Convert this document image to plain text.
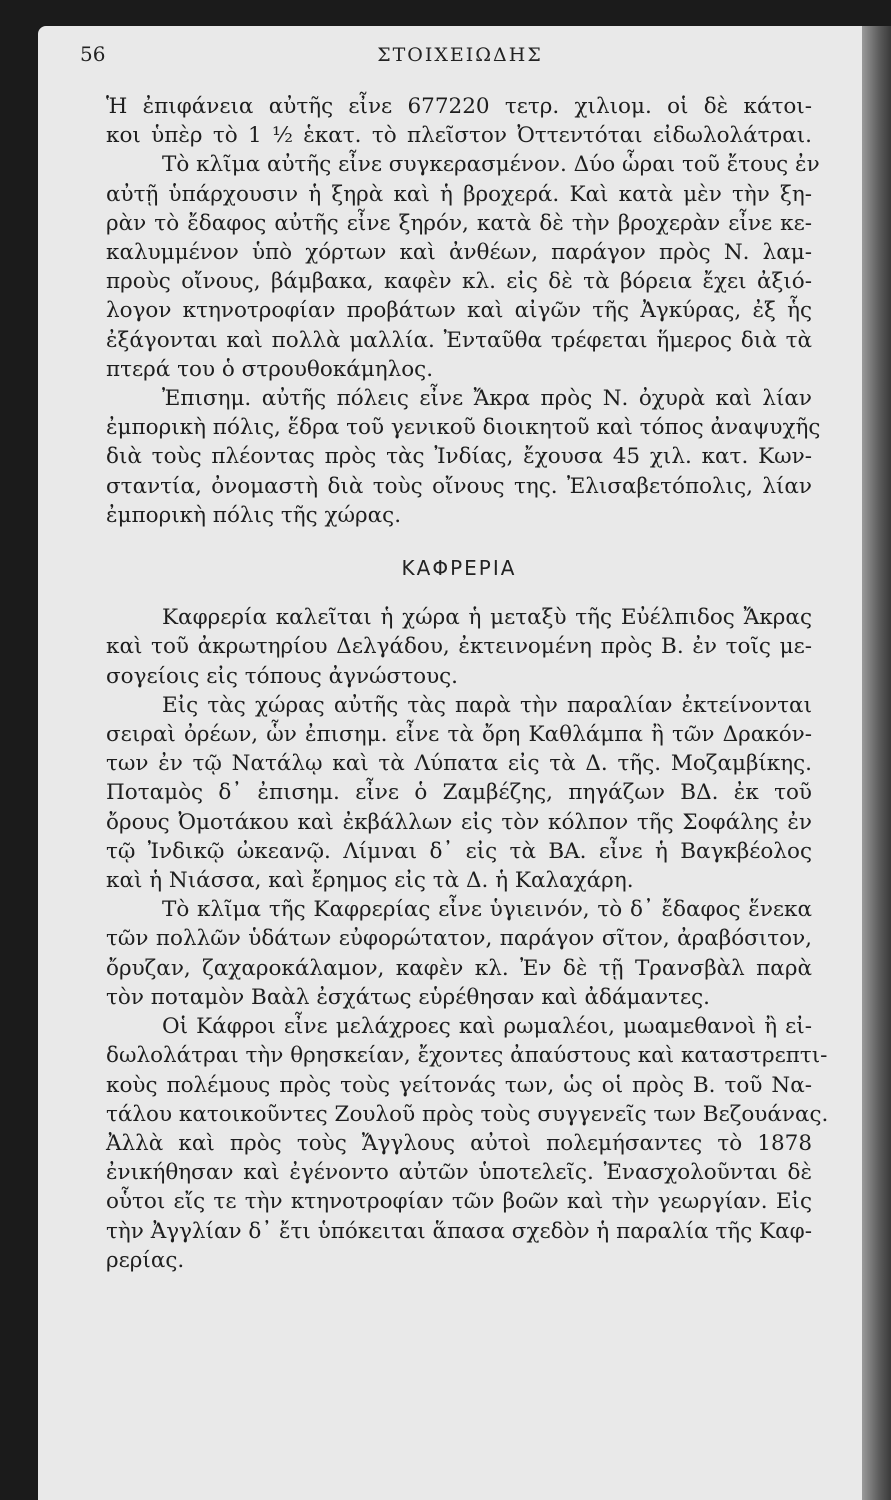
56	ΣΤΟΙΧΕΙΩΔΗΣ
Ἡ ἐπιφάνεια αὐτῆς εἶνε 677220 τετρ. χιλιομ. οἱ δὲ κάτοι-
κοι ὑπὲρ τὸ 1 ½ ἑκατ. τὸ πλεῖστον Ὀττεντόται εἰδωλολάτραι.
Τὸ κλῖμα αὐτῆς εἶνε συγκερασμένον. Δύο ὧραι τοῦ ἔτους ἐν
αὐτῇ ὑπάρχουσιν ἡ ξηρὰ καὶ ἡ βροχερά. Καὶ κατὰ μὲν τὴν ξη-
ρὰν τὸ ἔδαφος αὐτῆς εἶνε ξηρόν, κατὰ δὲ τὴν βροχερὰν εἶνε κε-
καλυμμένον ὑπὸ χόρτων καὶ ἀνθέων, παράγον πρὸς Ν. λαμ-
προὺς οἴνους, βάμβακα, καφὲν κλ. εἰς δὲ τὰ βόρεια ἔχει ἀξιό-
λογον κτηνοτροφίαν προβάτων καὶ αἰγῶν τῆς Ἀγκύρας, ἐξ ἧς
ἐξάγονται καὶ πολλὰ μαλλία. Ἐνταῦθα τρέφεται ἥμερος διὰ τὰ
πτερά του ὁ στρουθοκάμηλος.
Ἐπισημ. αὐτῆς πόλεις εἶνε Ἄκρα πρὸς Ν. ὀχυρὰ καὶ λίαν
ἐμπορικὴ πόλις, ἕδρα τοῦ γενικοῦ διοικητοῦ καὶ τόπος ἀναψυχῆς
διὰ τοὺς πλέοντας πρὸς τὰς Ἰνδίας, ἔχουσα 45 χιλ. κατ. Κων-
σταντία, ὀνομαστὴ διὰ τοὺς οἴνους της. Ἐλισαβετόπολις, λίαν
ἐμπορικὴ πόλις τῆς χώρας.
ΚΑΦΡΕΡΙΑ
Καφρερία καλεῖται ἡ χώρα ἡ μεταξὺ τῆς Εὐέλπιδος Ἄκρας
καὶ τοῦ ἀκρωτηρίου Δελγάδου, ἐκτεινομένη πρὸς Β. ἐν τοῖς με-
σογείοις εἰς τόπους ἀγνώστους.
Εἰς τὰς χώρας αὐτῆς τὰς παρὰ τὴν παραλίαν ἐκτείνονται
σειραὶ ὀρέων, ὧν ἐπισημ. εἶνε τὰ ὄρη Καθλάμπα ἢ τῶν Δρακόν-
των ἐν τῷ Νατάλῳ καὶ τὰ Λύπατα εἰς τὰ Δ. τῆς. Μοζαμβίκης.
Ποταμὸς δ᾽ ἐπισημ. εἶνε ὁ Ζαμβέζης, πηγάζων ΒΔ. ἐκ τοῦ
ὄρους Ὀμοτάκου καὶ ἐκβάλλων εἰς τὸν κόλπον τῆς Σοφάλης ἐν
τῷ Ἰνδικῷ ὠκεανῷ. Λίμναι δ᾽ εἰς τὰ ΒΑ. εἶνε ἡ Βαγκβέολος
καὶ ἡ Νιάσσα, καὶ ἔρημος εἰς τὰ Δ. ἡ Καλαχάρη.
Τὸ κλῖμα τῆς Καφρερίας εἶνε ὑγιεινόν, τὸ δ᾽ ἔδαφος ἕνεκα
τῶν πολλῶν ὑδάτων εὐφορώτατον, παράγον σῖτον, ἀραβόσιτον,
ὄρυζαν, ζαχαροκάλαμον, καφὲν κλ. Ἐν δὲ τῇ Τρανσβὰλ παρὰ
τὸν ποταμὸν Βαὰλ ἐσχάτως εὑρέθησαν καὶ ἀδάμαντες.
Οἱ Κάφροι εἶνε μελάχροες καὶ ρωμαλέοι, μωαμεθανοὶ ἢ εἰ-
δωλολάτραι τὴν θρησκείαν, ἔχοντες ἀπαύστους καὶ καταστρεπτι-
κοὺς πολέμους πρὸς τοὺς γείτονάς των, ὡς οἱ πρὸς Β. τοῦ Να-
τάλου κατοικοῦντες Ζουλοῦ πρὸς τοὺς συγγενεῖς των Βεζουάνας.
Ἀλλὰ καὶ πρὸς τοὺς Ἄγγλους αὐτοὶ πολεμήσαντες τὸ 1878
ἐνικήθησαν καὶ ἐγένοντο αὐτῶν ὑποτελεῖς. Ἐνασχολοῦνται δὲ
οὗτοι εἴς τε τὴν κτηνοτροφίαν τῶν βοῶν καὶ τὴν γεωργίαν. Εἰς
τὴν Ἀγγλίαν δ᾽ ἔτι ὑπόκειται ἅπασα σχεδὸν ἡ παραλία τῆς Καφ-
ρερίας.
